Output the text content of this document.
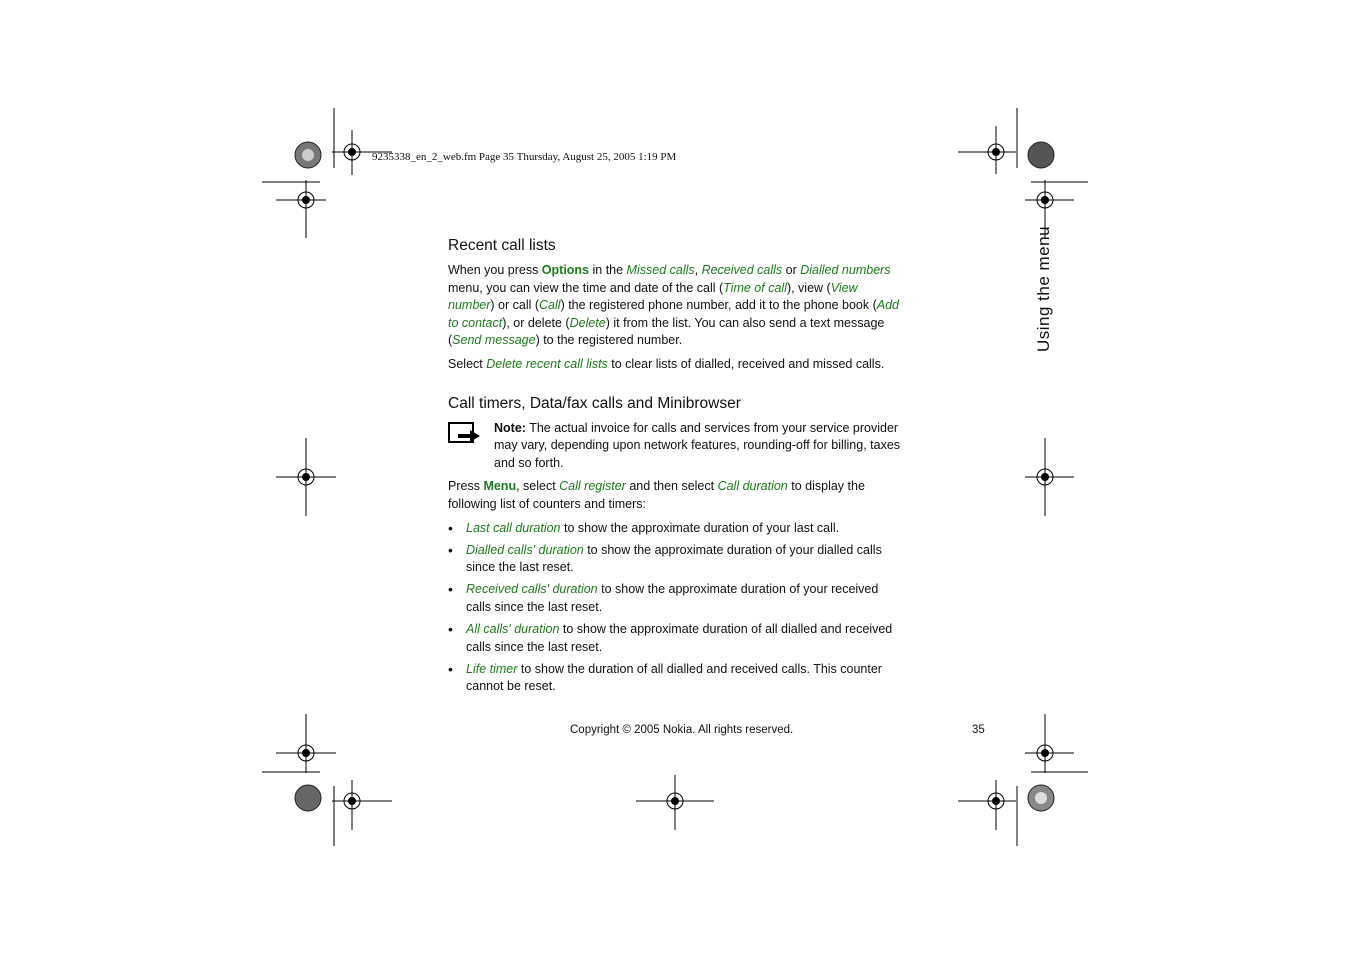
9235338_en_2_web.fm Page 35 Thursday, August 25, 2005 1:19 PM
Using the menu
Recent call lists

When you press Options in the Missed calls, Received calls or Dialled numbers menu, you can view the time and date of the call (Time of call), view (View number) or call (Call) the registered phone number, add it to the phone book (Add to contact), or delete (Delete) it from the list. You can also send a text message (Send message) to the registered number.

Select Delete recent call lists to clear lists of dialled, received and missed calls.

Call timers, Data/fax calls and Minibrowser
Note: The actual invoice for calls and services from your service provider may vary, depending upon network features, rounding-off for billing, taxes and so forth.

Press Menu, select Call register and then select Call duration to display the following list of counters and timers:

• Last call duration to show the approximate duration of your last call.
• Dialled calls' duration to show the approximate duration of your dialled calls since the last reset.
• Received calls' duration to show the approximate duration of your received calls since the last reset.
• All calls' duration to show the approximate duration of all dialled and received calls since the last reset.
• Life timer to show the duration of all dialled and received calls. This counter cannot be reset.
Copyright © 2005 Nokia. All rights reserved.	35
